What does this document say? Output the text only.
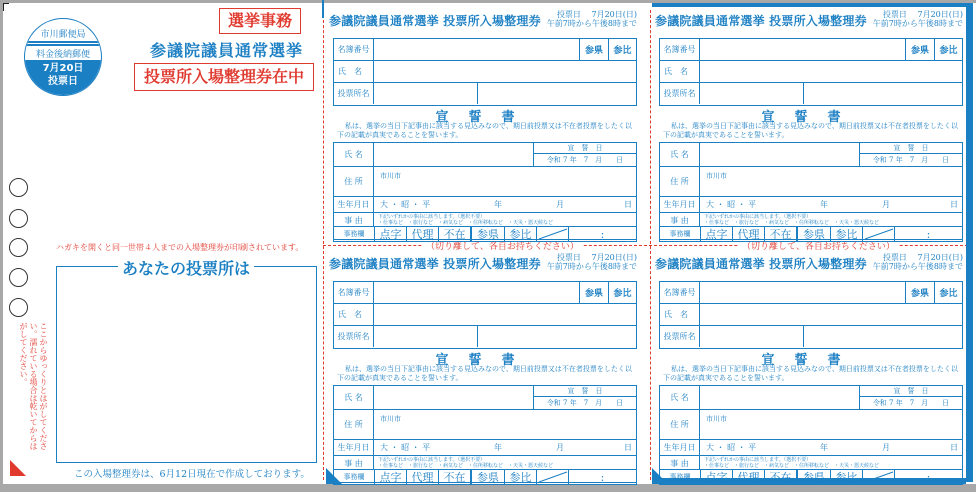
市川郵便局
料金後納郵便
7月20日
投票日
選挙事務
参議院議員通常選挙
投票所入場整理券在中
ハガキを開くと同一世帯４人までの入場整理券が印刷されています。
あなたの投票所は
ここからゆっくりとはがしてください。濡れている場合は乾いてからはがしてください。
この入場整理券は、6月12日現在で作成しております。
（切り離して、各自お持ちください）	（切り離して、各自お持ちください）
参議院議員通常選挙 投票所入場整理券	投票日　 7月20日(日)
午前7時から午後8時まで
名簿番号	参県	参比
氏　名
投票所名
宣誓書
私は、選挙の当日下記事由に該当する見込みなので、期日前投票又は不在者投票をしたく以下の記載が真実であることを誓います。
氏 名
宣　誓　日
令和 7 年　7　月　　日
住 所
市川市
生年月日	大 ・ 昭 ・ 平	年	月	日
事 由	下記いずれかの事由に該当します。（選択不要）
・仕事など　・旅行など　・病気など　・住所移転など　・天災・悪天候など
事務欄	点字 代理 不在	参県 参比	:
参議院議員通常選挙 投票所入場整理券	投票日　 7月20日(日)
午前7時から午後8時まで
名簿番号	参県	参比
氏　名
投票所名
宣誓書
私は、選挙の当日下記事由に該当する見込みなので、期日前投票又は不在者投票をしたく以下の記載が真実であることを誓います。
氏 名
宣　誓　日
令和 7 年　7　月　　日
住 所
市川市
生年月日	大 ・ 昭 ・ 平	年	月	日
事 由	下記いずれかの事由に該当します。（選択不要）
・仕事など　・旅行など　・病気など　・住所移転など　・天災・悪天候など
事務欄	点字 代理 不在	参県 参比	:
参議院議員通常選挙 投票所入場整理券	投票日　 7月20日(日)
午前7時から午後8時まで
名簿番号	参県	参比
氏　名
投票所名
宣誓書
私は、選挙の当日下記事由に該当する見込みなので、期日前投票又は不在者投票をしたく以下の記載が真実であることを誓います。
氏 名
宣　誓　日
令和 7 年　7　月　　日
住 所
市川市
生年月日	大 ・ 昭 ・ 平	年	月	日
事 由	下記いずれかの事由に該当します。（選択不要）
・仕事など　・旅行など　・病気など　・住所移転など　・天災・悪天候など
事務欄	点字 代理 不在	参県 参比	:
参議院議員通常選挙 投票所入場整理券	投票日　 7月20日(日)
午前7時から午後8時まで
名簿番号	参県	参比
氏　名
投票所名
宣誓書
私は、選挙の当日下記事由に該当する見込みなので、期日前投票又は不在者投票をしたく以下の記載が真実であることを誓います。
氏 名
宣　誓　日
令和 7 年　7　月　　日
住 所
市川市
生年月日	大 ・ 昭 ・ 平	年	月	日
事 由	下記いずれかの事由に該当します。（選択不要）
・仕事など　・旅行など　・病気など　・住所移転など　・天災・悪天候など
事務欄	点字 代理 不在	参県 参比	:
